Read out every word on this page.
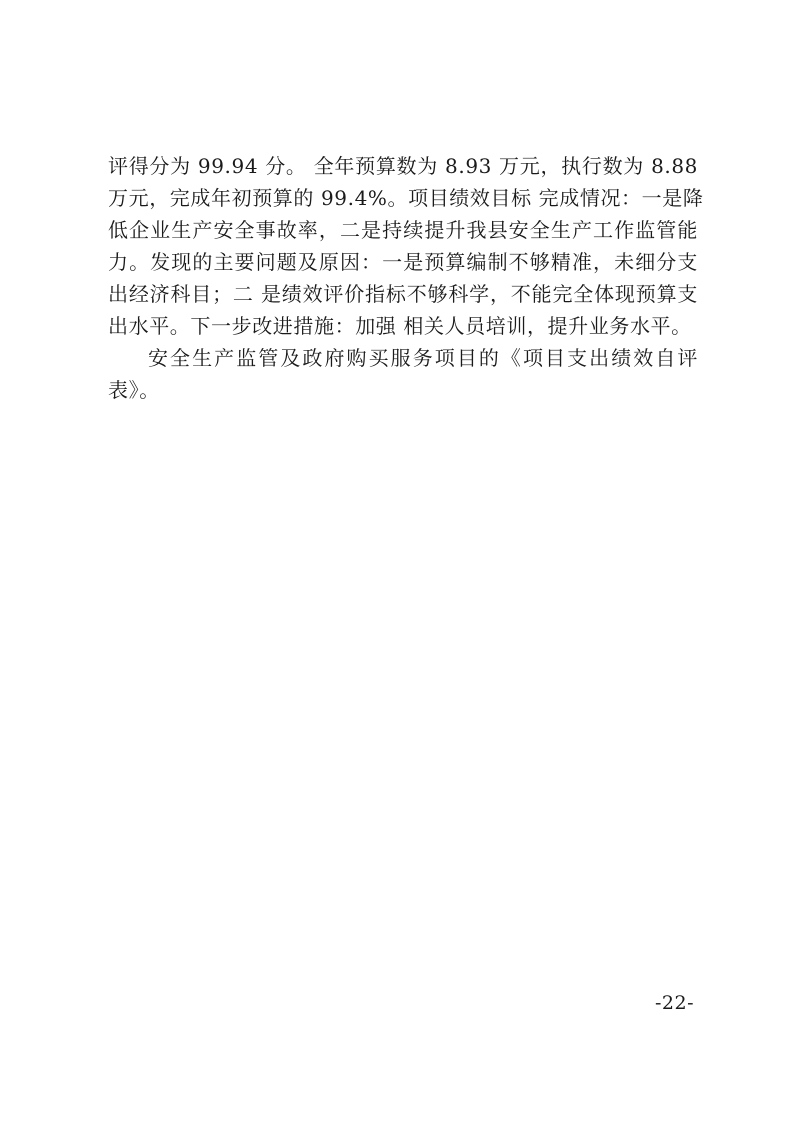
评得分为 99.94 分。 全年预算数为 8.93 万元，执行数为 8.88
万元，完成年初预算的 99.4%。项目绩效目标 完成情况：一是降
低企业生产安全事故率，二是持续提升我县安全生产工作监管能
力。发现的主要问题及原因：一是预算编制不够精准，未细分支
出经济科目；二 是绩效评价指标不够科学，不能完全体现预算支
出水平。下一步改进措施：加强 相关人员培训，提升业务水平。
安全生产监管及政府购买服务项目的《项目支出绩效自评
表》。
-22-
